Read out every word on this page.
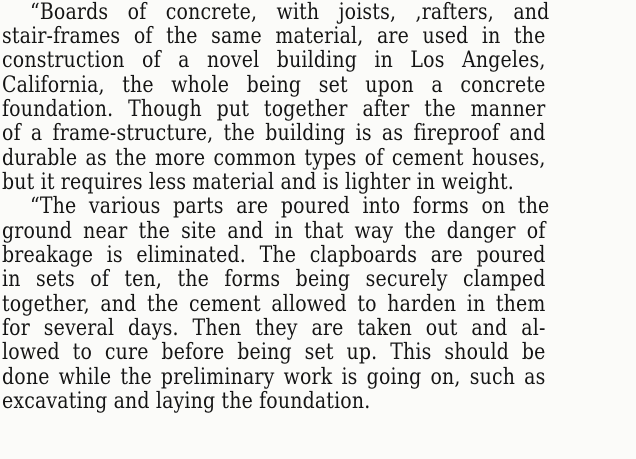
“Boards of concrete, with joists, ,rafters, and
stair-frames of the same material, are used in the
construction of a novel building in Los Angeles,
California, the whole being set upon a concrete
foundation. Though put together after the manner
of a frame-structure, the building is as fireproof and
durable as the more common types of cement houses,
but it requires less material and is lighter in weight.
“The various parts are poured into forms on the
ground near the site and in that way the danger of
breakage is eliminated. The clapboards are poured
in sets of ten, the forms being securely clamped
together, and the cement allowed to harden in them
for several days. Then they are taken out and al-
lowed to cure before being set up. This should be
done while the preliminary work is going on, such as
excavating and laying the foundation.
